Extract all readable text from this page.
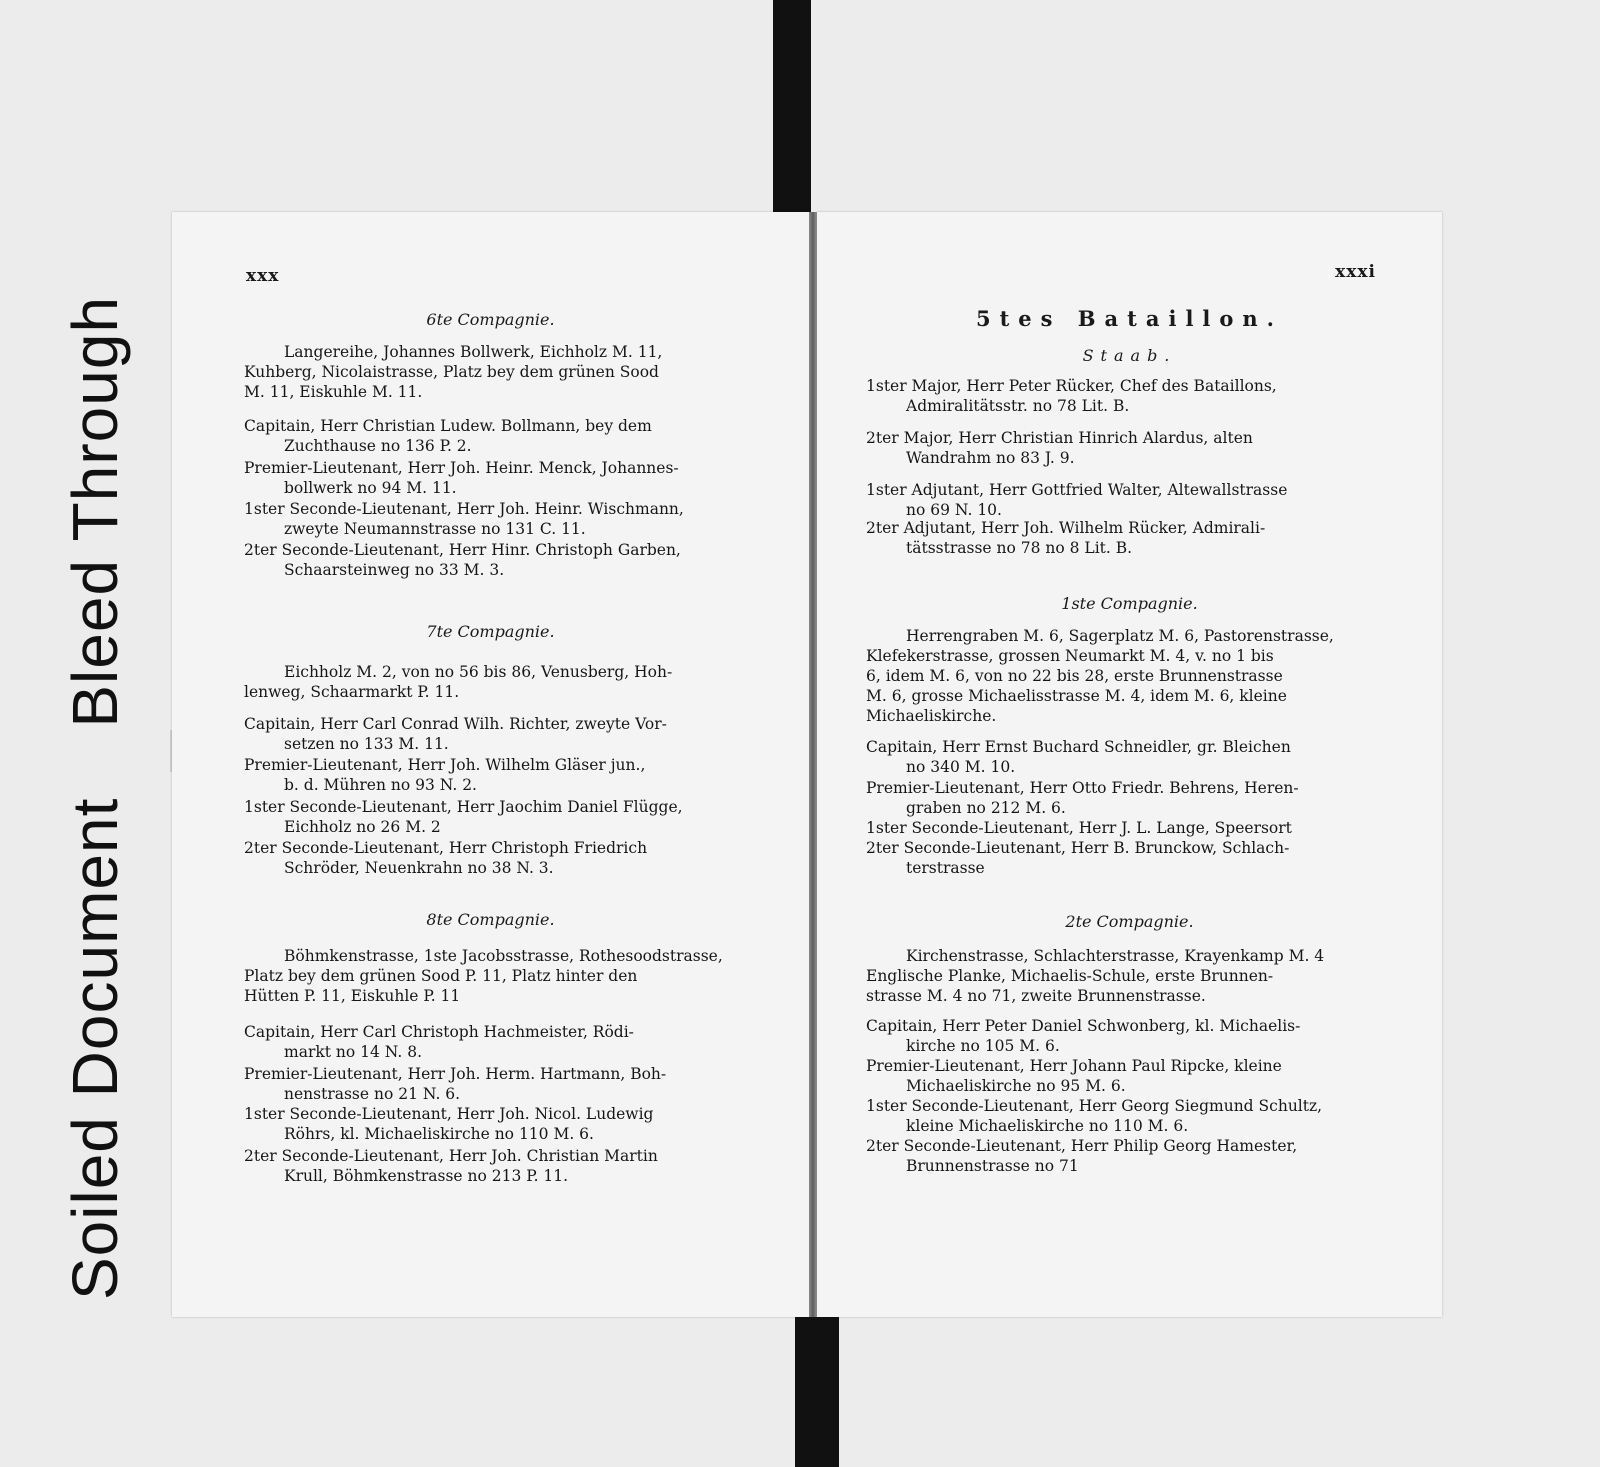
Soiled DocumentBleed Through
xxx
6te Compagnie.
Langereihe, Johannes Bollwerk, Eichholz M. 11,
Kuhberg, Nicolaistrasse, Platz bey dem grünen Sood
M. 11, Eiskuhle M. 11.
Capitain, Herr Christian Ludew. Bollmann, bey dem
Zuchthause no 136 P. 2.
Premier-Lieutenant, Herr Joh. Heinr. Menck, Johannes-
bollwerk no 94 M. 11.
1ster Seconde-Lieutenant, Herr Joh. Heinr. Wischmann,
zweyte Neumannstrasse no 131 C. 11.
2ter Seconde-Lieutenant, Herr Hinr. Christoph Garben,
Schaarsteinweg no 33 M. 3.
7te Compagnie.
Eichholz M. 2, von no 56 bis 86, Venusberg, Hoh-
lenweg, Schaarmarkt P. 11.
Capitain, Herr Carl Conrad Wilh. Richter, zweyte Vor-
setzen no 133 M. 11.
Premier-Lieutenant, Herr Joh. Wilhelm Gläser jun.,
b. d. Mühren no 93 N. 2.
1ster Seconde-Lieutenant, Herr Jaochim Daniel Flügge,
Eichholz no 26 M. 2
2ter Seconde-Lieutenant, Herr Christoph Friedrich
Schröder, Neuenkrahn no 38 N. 3.
8te Compagnie.
Böhmkenstrasse, 1ste Jacobsstrasse, Rothesoodstrasse,
Platz bey dem grünen Sood P. 11, Platz hinter den
Hütten P. 11, Eiskuhle P. 11
Capitain, Herr Carl Christoph Hachmeister, Rödi-
markt no 14 N. 8.
Premier-Lieutenant, Herr Joh. Herm. Hartmann, Boh-
nenstrasse no 21 N. 6.
1ster Seconde-Lieutenant, Herr Joh. Nicol. Ludewig
Röhrs, kl. Michaeliskirche no 110 M. 6.
2ter Seconde-Lieutenant, Herr Joh. Christian Martin
Krull, Böhmkenstrasse no 213 P. 11.
xxxi
5tes Bataillon.
Staab.
1ster Major, Herr Peter Rücker, Chef des Bataillons,
Admiralitätsstr. no 78 Lit. B.
2ter Major, Herr Christian Hinrich Alardus, alten
Wandrahm no 83 J. 9.
1ster Adjutant, Herr Gottfried Walter, Altewallstrasse
no 69 N. 10.
2ter Adjutant, Herr Joh. Wilhelm Rücker, Admirali-
tätsstrasse no 78 no 8 Lit. B.
1ste Compagnie.
Herrengraben M. 6, Sagerplatz M. 6, Pastorenstrasse,
Klefekerstrasse, grossen Neumarkt M. 4, v. no 1 bis
6, idem M. 6, von no 22 bis 28, erste Brunnenstrasse
M. 6, grosse Michaelisstrasse M. 4, idem M. 6, kleine
Michaeliskirche.
Capitain, Herr Ernst Buchard Schneidler, gr. Bleichen
no 340 M. 10.
Premier-Lieutenant, Herr Otto Friedr. Behrens, Heren-
graben no 212 M. 6.
1ster Seconde-Lieutenant, Herr J. L. Lange, Speersort
2ter Seconde-Lieutenant, Herr B. Brunckow, Schlach-
terstrasse
2te Compagnie.
Kirchenstrasse, Schlachterstrasse, Krayenkamp M. 4
Englische Planke, Michaelis-Schule, erste Brunnen-
strasse M. 4 no 71, zweite Brunnenstrasse.
Capitain, Herr Peter Daniel Schwonberg, kl. Michaelis-
kirche no 105 M. 6.
Premier-Lieutenant, Herr Johann Paul Ripcke, kleine
Michaeliskirche no 95 M. 6.
1ster Seconde-Lieutenant, Herr Georg Siegmund Schultz,
kleine Michaeliskirche no 110 M. 6.
2ter Seconde-Lieutenant, Herr Philip Georg Hamester,
Brunnenstrasse no 71
